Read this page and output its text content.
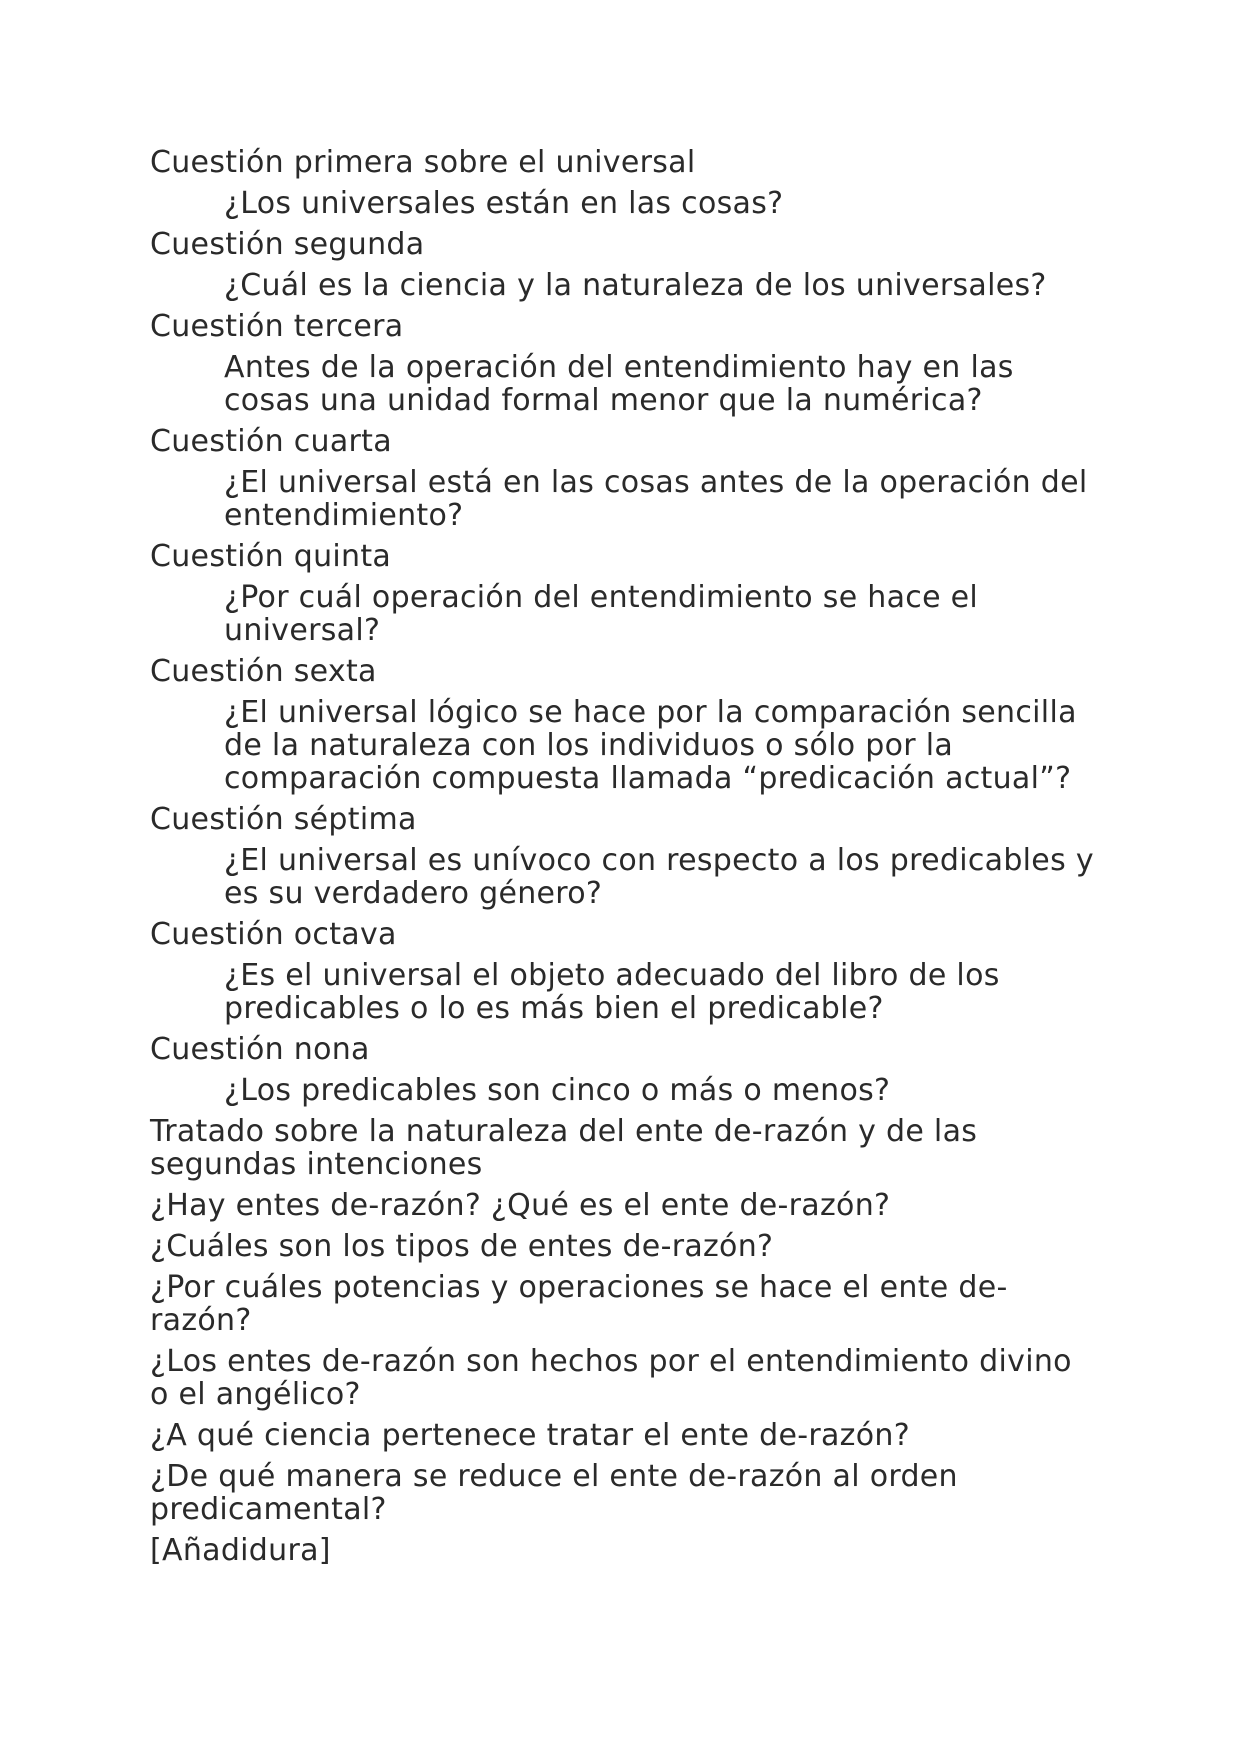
Cuestión primera sobre el universal

¿Los universales están en las cosas?

Cuestión segunda

¿Cuál es la ciencia y la naturaleza de los universales?

Cuestión tercera

Antes de la operación del entendimiento hay en las cosas una unidad formal menor que la numérica?

Cuestión cuarta

¿El universal está en las cosas antes de la operación del entendimiento?

Cuestión quinta

¿Por cuál operación del entendimiento se hace el universal?

Cuestión sexta

¿El universal lógico se hace por la comparación sencilla de la naturaleza con los individuos o sólo por la comparación compuesta llamada “predicación actual”?

Cuestión séptima

¿El universal es unívoco con respecto a los predicables y es su verdadero género?

Cuestión octava

¿Es el universal el objeto adecuado del libro de los predicables o lo es más bien el predicable?

Cuestión nona

¿Los predicables son cinco o más o menos?

Tratado sobre la naturaleza del ente de-razón y de las segundas intenciones

¿Hay entes de-razón? ¿Qué es el ente de-razón?

¿Cuáles son los tipos de entes de-razón?

¿Por cuáles potencias y operaciones se hace el ente de-razón?

¿Los entes de-razón son hechos por el entendimiento divino o el angélico?

¿A qué ciencia pertenece tratar el ente de-razón?

¿De qué manera se reduce el ente de-razón al orden predicamental?

[Añadidura]
